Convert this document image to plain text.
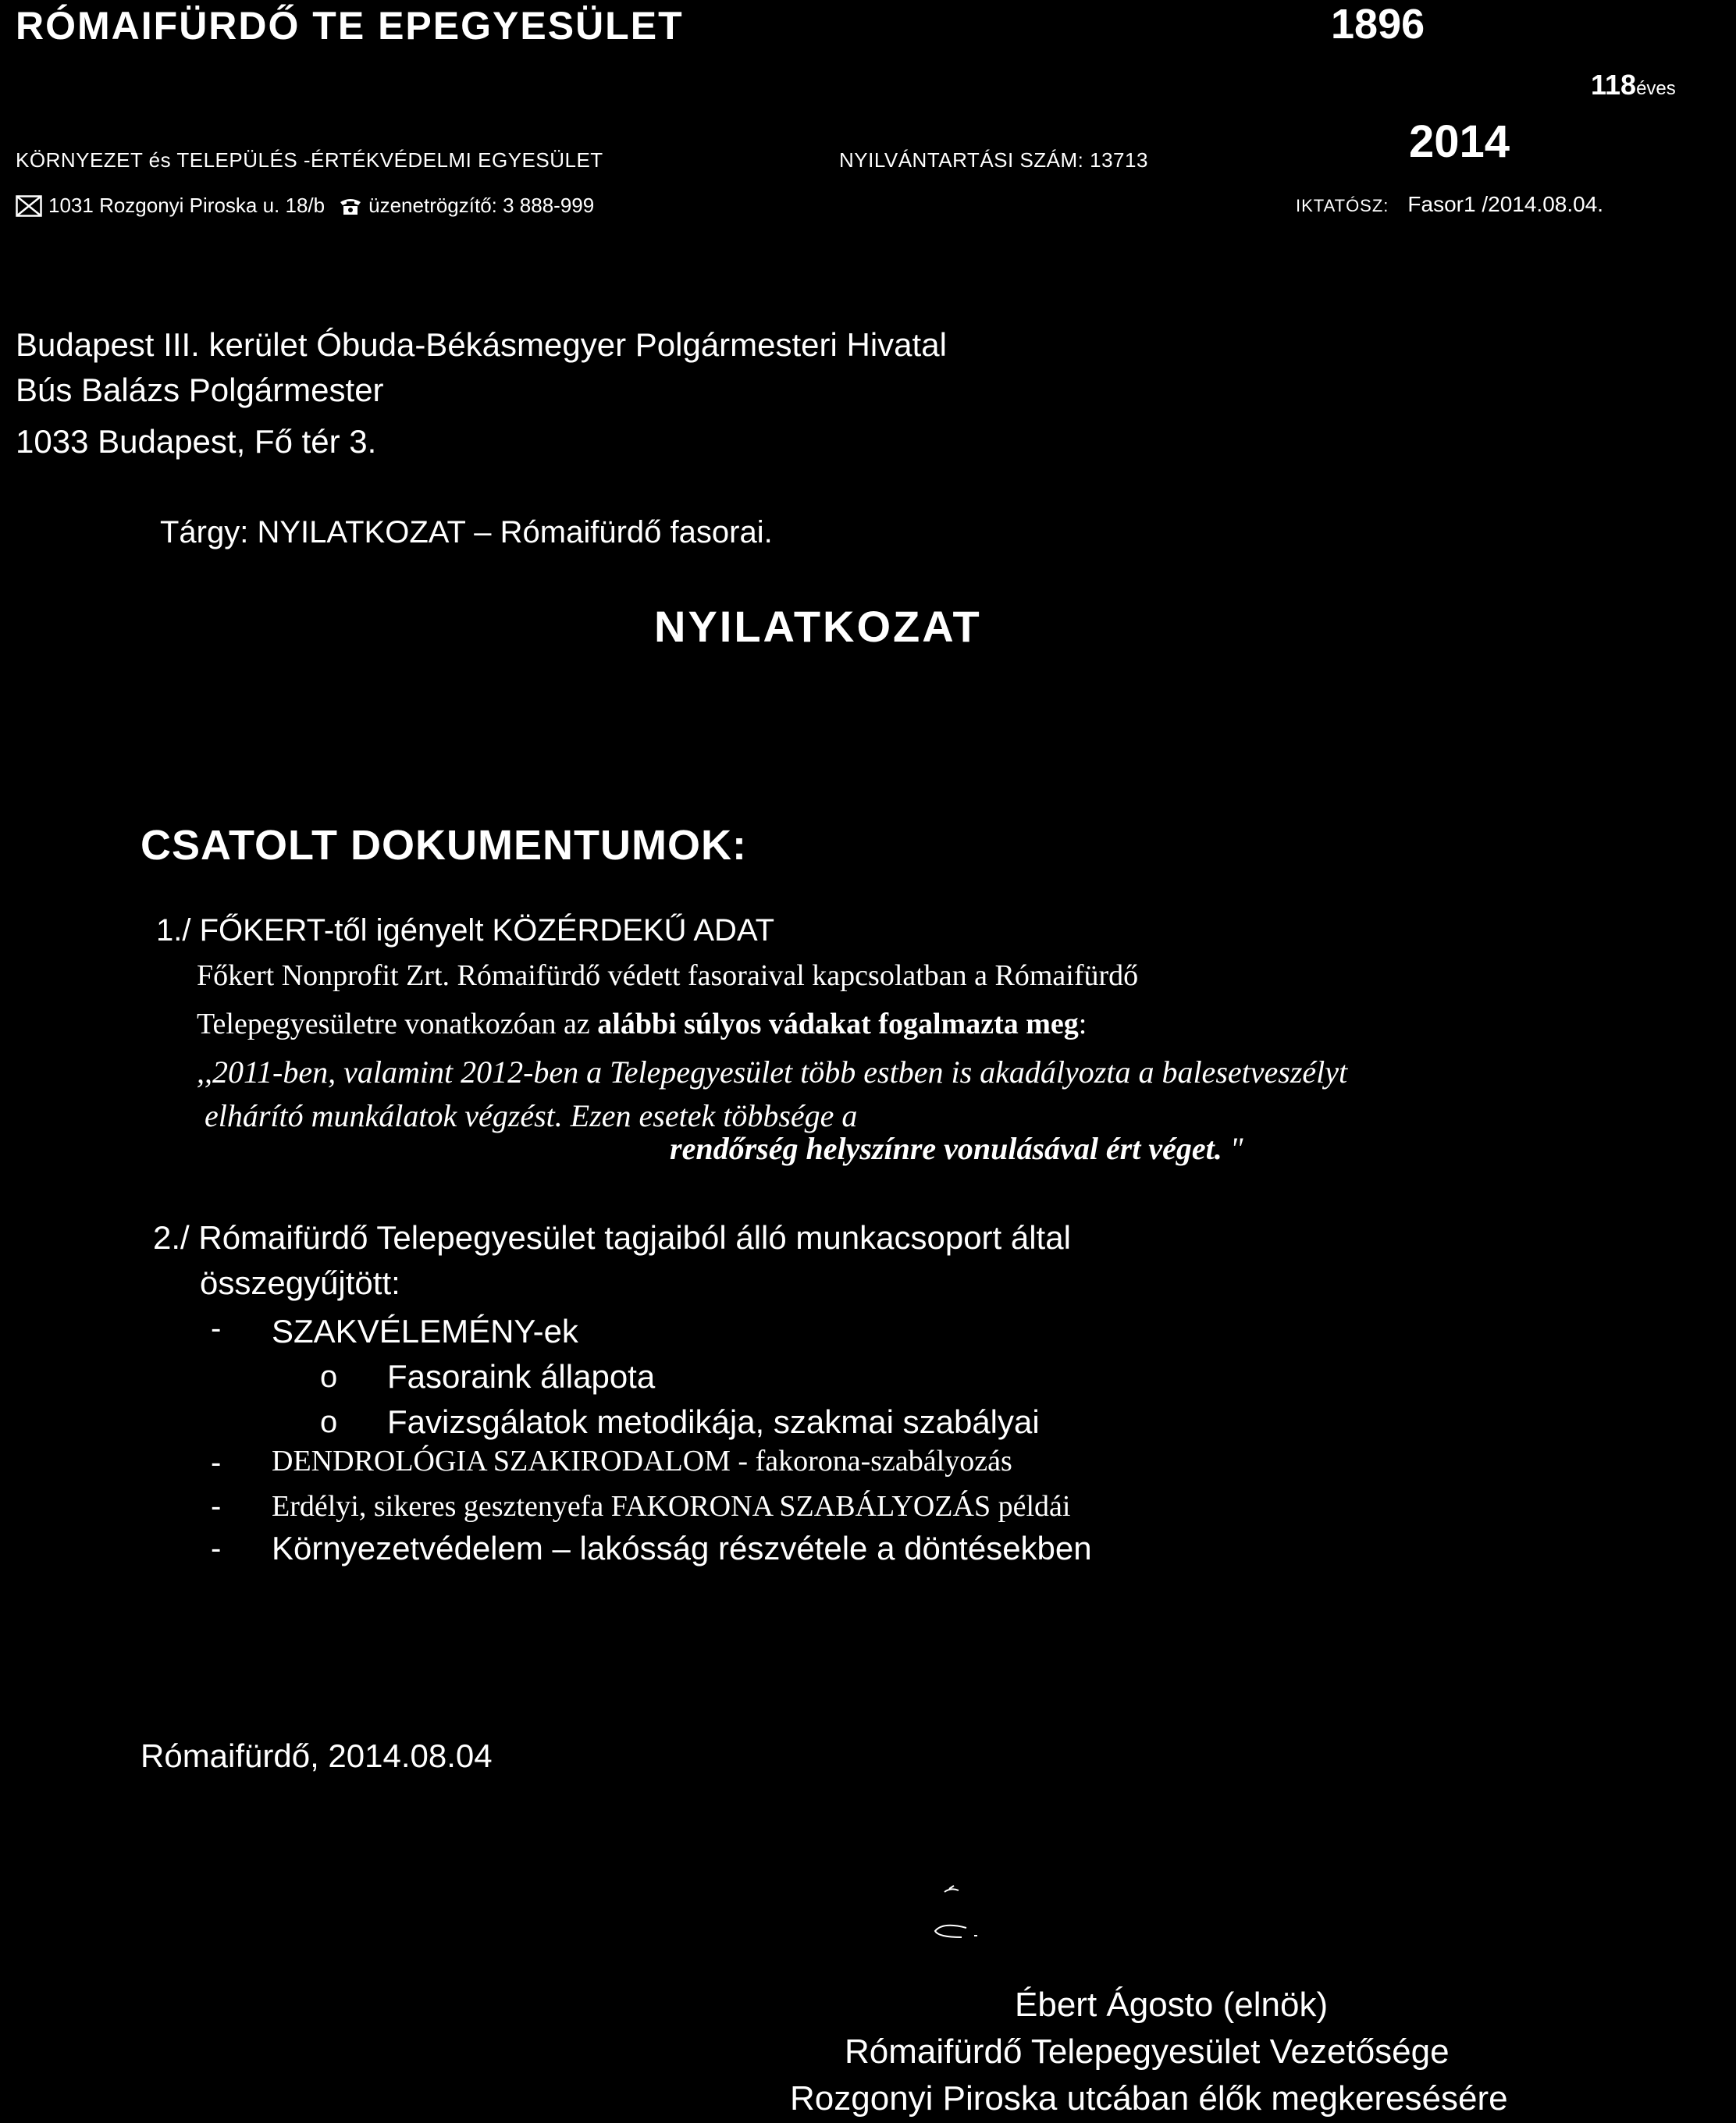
RÓMAIFÜRDŐ TE EPEGYESÜLET	1896
118éves
KÖRNYEZET és TELEPÜLÉS -ÉRTÉKVÉDELMI EGYESÜLET	NYILVÁNTARTÁSI SZÁM: 13713	2014
1031 Rozgonyi Piroska u. 18/b üzenetrögzítő: 3 888-999	IKTATÓSZ: Fasor1 /2014.08.04.
Budapest III. kerület Óbuda-Békásmegyer Polgármesteri Hivatal
Bús Balázs Polgármester
1033 Budapest, Fő tér 3.
Tárgy: NYILATKOZAT – Rómaifürdő fasorai.
NYILATKOZAT
CSATOLT DOKUMENTUMOK:
1./ FŐKERT-től igényelt KÖZÉRDEKŰ ADAT
Főkert Nonprofit Zrt. Rómaifürdő védett fasoraival kapcsolatban a Rómaifürdő
Telepegyesületre vonatkozóan az alábbi súlyos vádakat fogalmazta meg:
,,2011-ben, valamint 2012-ben a Telepegyesület több estben is akadályozta a balesetveszélyt
elhárító munkálatok végzést. Ezen esetek többsége a
rendőrség helyszínre vonulásával ért véget. "
2./ Rómaifürdő Telepegyesület tagjaiból álló munkacsoport által
összegyűjtött:
- SZAKVÉLEMÉNY-ek
o Fasoraink állapota
o Favizsgálatok metodikája, szakmai szabályai
- DENDROLÓGIA SZAKIRODALOM - fakorona-szabályozás
- Erdélyi, sikeres gesztenyefa FAKORONA SZABÁLYOZÁS példái
- Környezetvédelem – lakósság részvétele a döntésekben
Rómaifürdő, 2014.08.04
Ébert Ágosto (elnök)
Rómaifürdő Telepegyesület Vezetősége
Rozgonyi Piroska utcában élők megkeresésére
